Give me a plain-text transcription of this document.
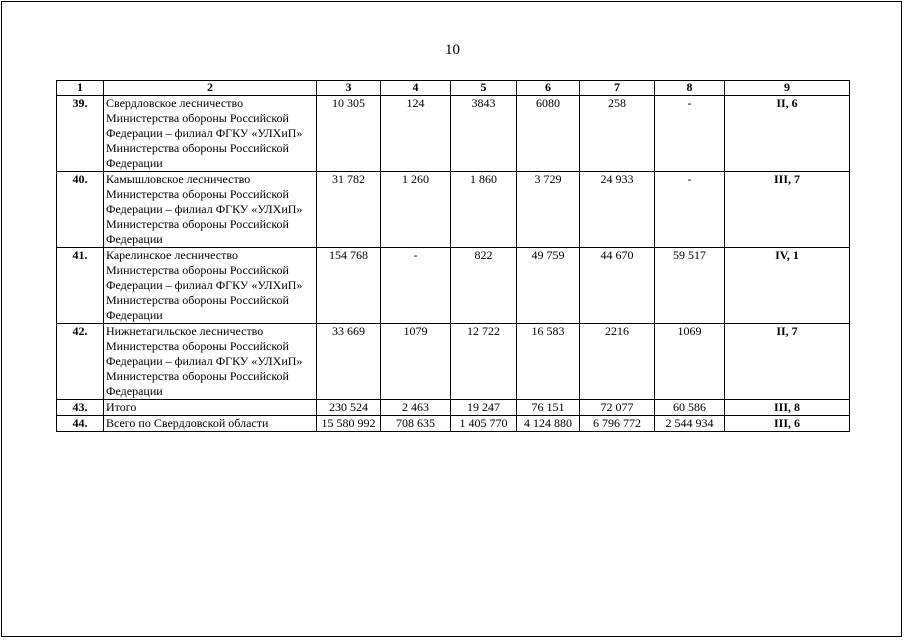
10
1	2	3	4	5	6	7	8	9
39.	Свердловское лесничество Министерства обороны Российской Федерации – филиал ФГКУ «УЛХиП» Министерства обороны Российской Федерации	10 305	124	3843	6080	258	-	II, 6
40.	Камышловское лесничество Министерства обороны Российской Федерации – филиал ФГКУ «УЛХиП» Министерства обороны Российской Федерации	31 782	1 260	1 860	3 729	24 933	-	III, 7
41.	Карелинское лесничество Министерства обороны Российской Федерации – филиал ФГКУ «УЛХиП» Министерства обороны Российской Федерации	154 768	-	822	49 759	44 670	59 517	IV, 1
42.	Нижнетагильское лесничество Министерства обороны Российской Федерации – филиал ФГКУ «УЛХиП» Министерства обороны Российской Федерации	33 669	1079	12 722	16 583	2216	1069	II, 7
43.	Итого	230 524	2 463	19 247	76 151	72 077	60 586	III, 8
44.	Всего по Свердловской области	15 580 992	708 635	1 405 770	4 124 880	6 796 772	2 544 934	III, 6
